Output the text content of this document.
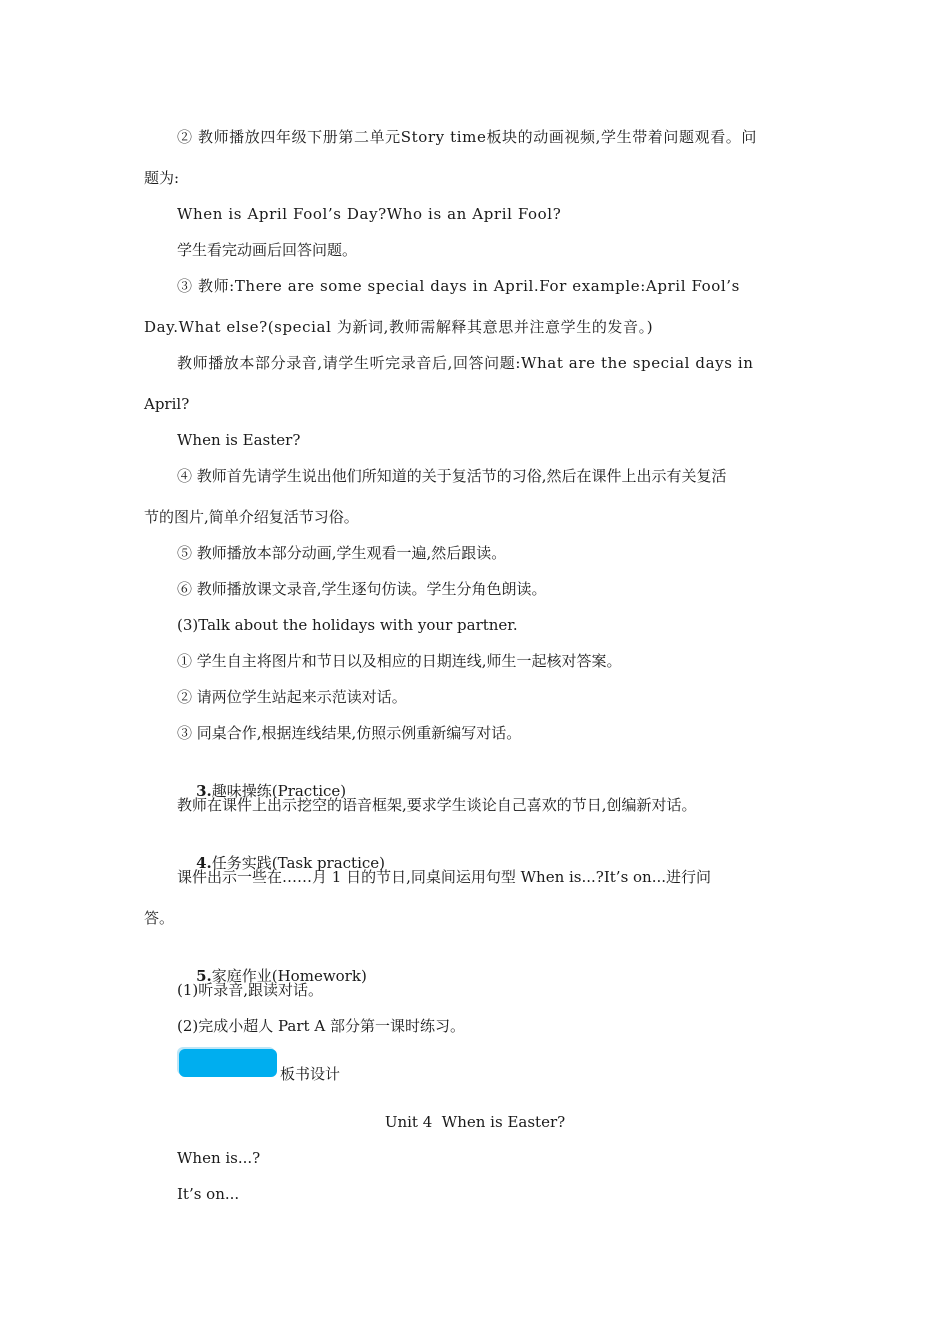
② 教师播放四年级下册第二单元Story time板块的动画视频,学生带着问题观看。问
题为:
When is April Fool’s Day?Who is an April Fool?
学生看完动画后回答问题。
③ 教师:There are some special days in April.For example:April Fool’s
Day.What else?(special 为新词,教师需解释其意思并注意学生的发音。)
教师播放本部分录音,请学生听完录音后,回答问题:What are the special days in
April?
When is Easter?
④ 教师首先请学生说出他们所知道的关于复活节的习俗,然后在课件上出示有关复活
节的图片,简单介绍复活节习俗。
⑤ 教师播放本部分动画,学生观看一遍,然后跟读。
⑥ 教师播放课文录音,学生逐句仿读。学生分角色朗读。
(3)Talk about the holidays with your partner.
① 学生自主将图片和节日以及相应的日期连线,师生一起核对答案。
② 请两位学生站起来示范读对话。
③ 同桌合作,根据连线结果,仿照示例重新编写对话。

3.趣味操练(Practice)

教师在课件上出示挖空的语音框架,要求学生谈论自己喜欢的节日,创编新对话。

4.任务实践(Task practice)

课件出示一些在……月 1 日的节日,同桌间运用句型 When is...?It’s on...进行问
答。

5.家庭作业(Homework)

(1)听录音,跟读对话。
(2)完成小超人 Part A 部分第一课时练习。
板书设计
Unit 4  When is Easter?
When is...?
It’s on...
